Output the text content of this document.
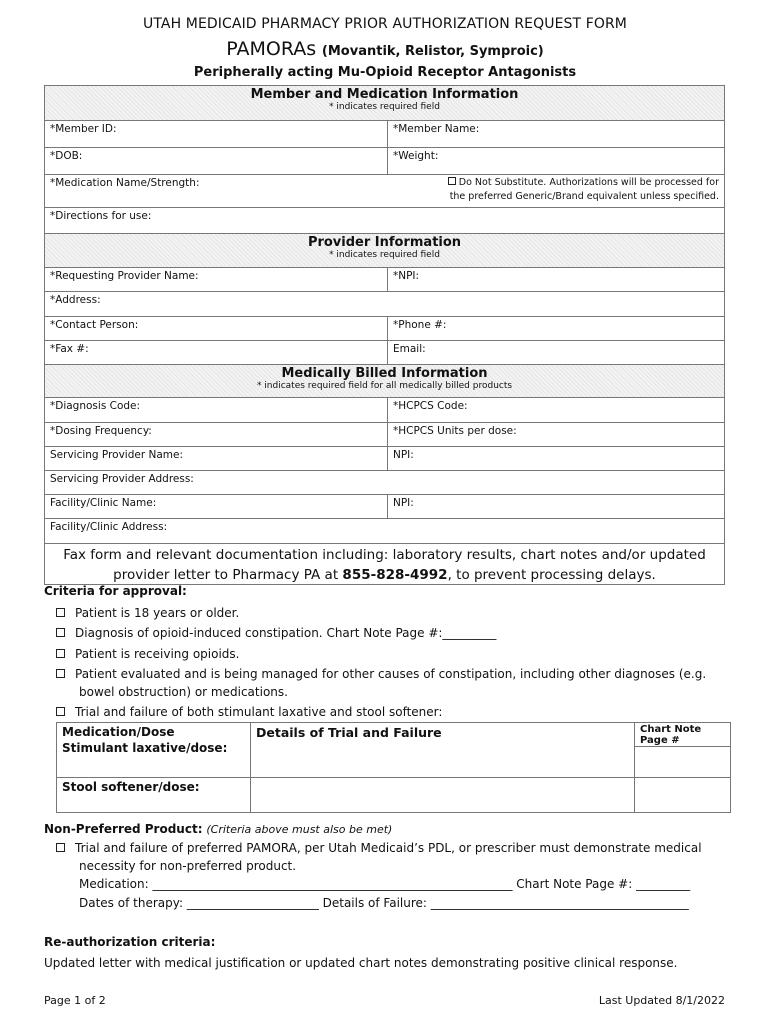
UTAH MEDICAID PHARMACY PRIOR AUTHORIZATION REQUEST FORM
PAMORAs (Movantik, Relistor, Symproic)
Peripherally acting Mu-Opioid Receptor Antagonists
Member and Medication Information
* indicates required field
*Member ID:	*Member Name:
*DOB:	*Weight:
*Medication Name/Strength:	Do Not Substitute. Authorizations will be processed for
the preferred Generic/Brand equivalent unless specified.
*Directions for use:
Provider Information
* indicates required field
*Requesting Provider Name:	*NPI:
*Address:
*Contact Person:	*Phone #:
*Fax #:	Email:
Medically Billed Information
* indicates required field for all medically billed products
*Diagnosis Code:	*HCPCS Code:
*Dosing Frequency:	*HCPCS Units per dose:
Servicing Provider Name:	NPI:
Servicing Provider Address:
Facility/Clinic Name:	NPI:
Facility/Clinic Address:
Fax form and relevant documentation including: laboratory results, chart notes and/or updated
provider letter to Pharmacy PA at 855-828-4992, to prevent processing delays.
Criteria for approval:
Patient is 18 years or older.
Diagnosis of opioid-induced constipation. Chart Note Page #:_________
Patient is receiving opioids.
Patient evaluated and is being managed for other causes of constipation, including other diagnoses (e.g.
bowel obstruction) or medications.
Trial and failure of both stimulant laxative and stool softener:
Medication/Dose	Details of Trial and Failure	Chart Note Page #
Stimulant laxative/dose:
Stool softener/dose:
Non-Preferred Product: (Criteria above must also be met)
Trial and failure of preferred PAMORA, per Utah Medicaid’s PDL, or prescriber must demonstrate medical
necessity for non-preferred product.
Medication: ____________________________________________________________ Chart Note Page #: _________
Dates of therapy: ______________________ Details of Failure: ___________________________________________
Re-authorization criteria:
Updated letter with medical justification or updated chart notes demonstrating positive clinical response.
Page 1 of 2	Last Updated 8/1/2022
